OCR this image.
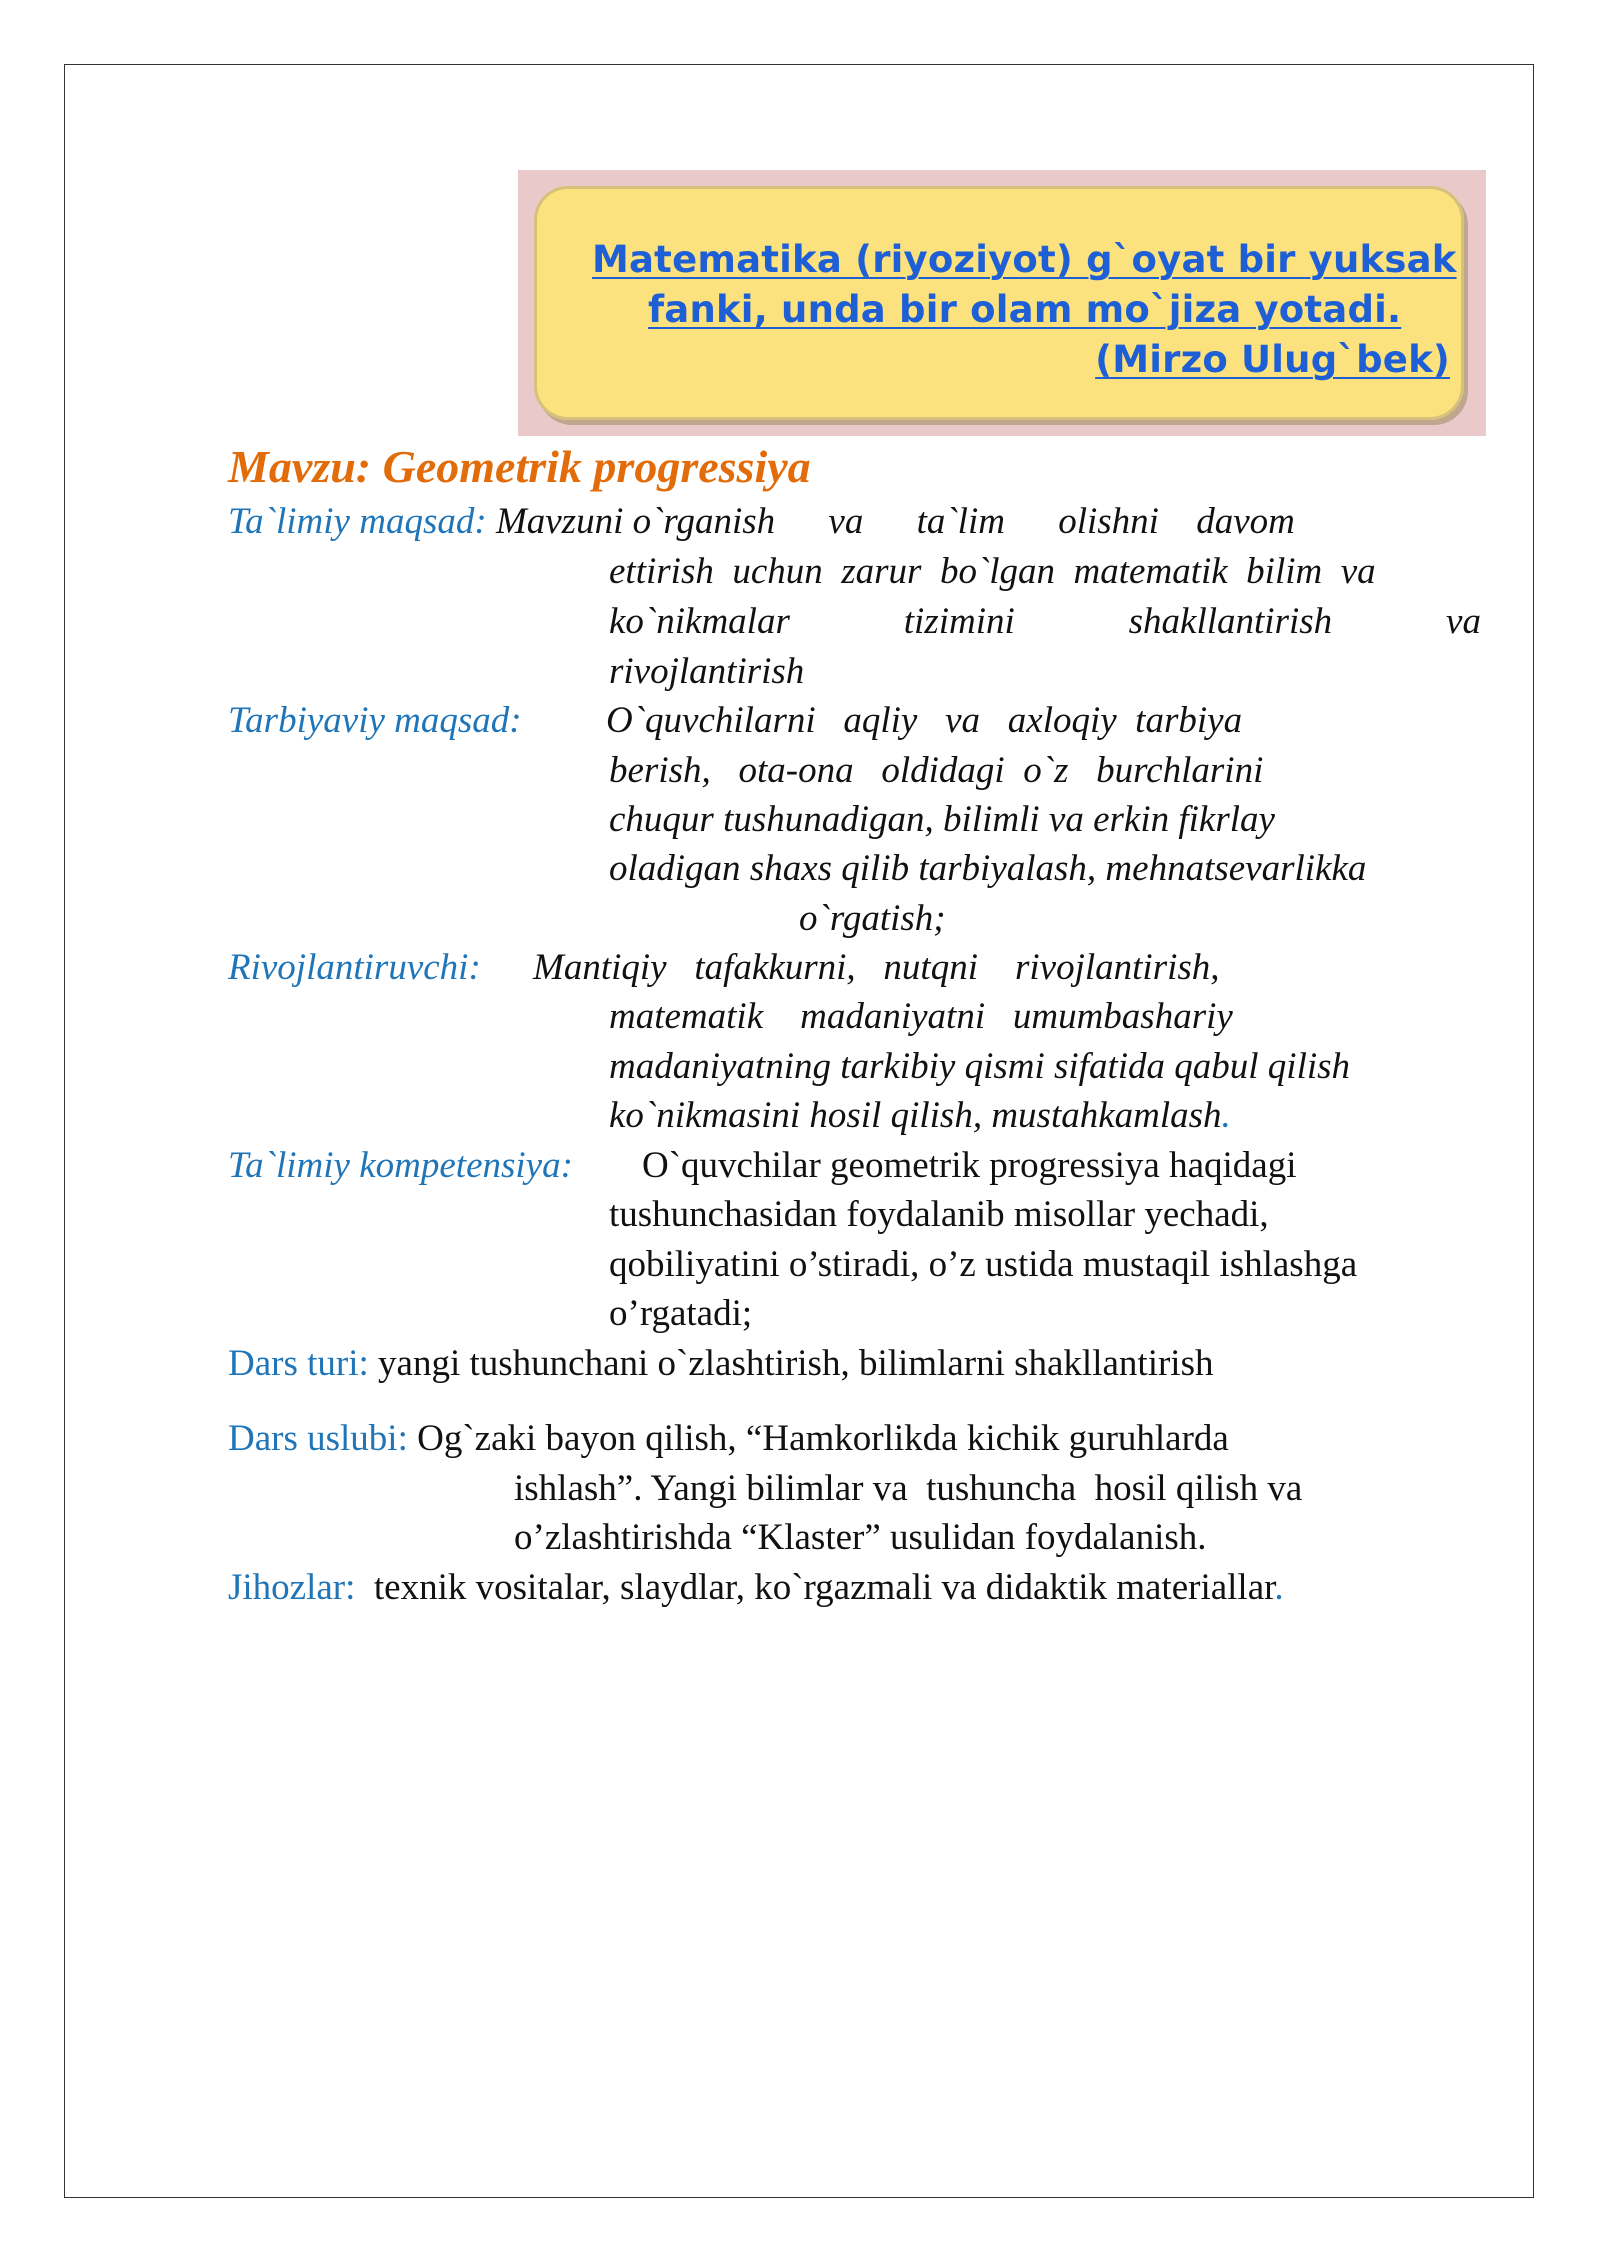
Matematika (riyoziyot) g`oyat bir yuksak
fanki, unda bir olam mo`jiza yotadi.
(Mirzo Ulug`bek)
Mavzu: Geometrik progressiya
Ta`limiy maqsad: Mavzuni o`rganish va ta`lim olishni davom
ettirish  uchun  zarur  bo`lgan  matematik  bilim  va
ko`nikmalar	tizimini	shakllantirish	va
rivojlantirish
Tarbiyaviy maqsad: O`quvchilarni   aqliy   va   axloqiy  tarbiya
berish,   ota-ona   oldidagi  o`z   burchlarini
chuqur tushunadigan, bilimli va erkin fikrlay
oladigan shaxs qilib tarbiyalash, mehnatsevarlikka
o`rgatish;
Rivojlantiruvchi: Mantiqiy   tafakkurni,   nutqni    rivojlantirish,
matematik    madaniyatni   umumbashariy
madaniyatning tarkibiy qismi sifatida qabul qilish
ko`nikmasini hosil qilish, mustahkamlash.
Ta`limiy kompetensiya: O`quvchilar geometrik progressiya haqidagi
tushunchasidan foydalanib misollar yechadi,
qobiliyatini o’stiradi, o’z ustida mustaqil ishlashga
o’rgatadi;
Dars turi: yangi tushunchani o`zlashtirish, bilimlarni shakllantirish
Dars uslubi: Og`zaki bayon qilish, “Hamkorlikda kichik guruhlarda
ishlash”. Yangi bilimlar va  tushuncha  hosil qilish va
o’zlashtirishda “Klaster” usulidan foydalanish.
Jihozlar: texnik vositalar, slaydlar, ko`rgazmali va didaktik materiallar.
